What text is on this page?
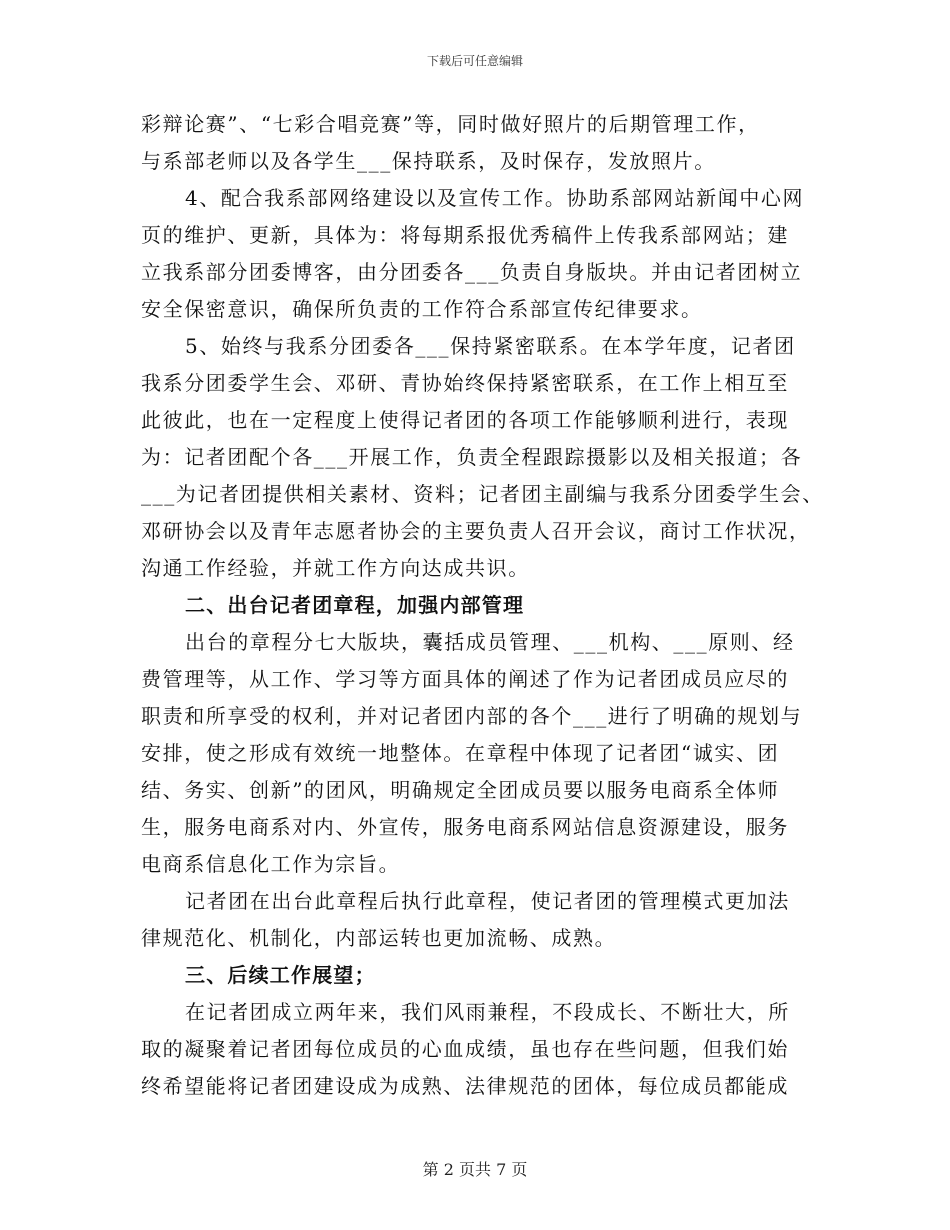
下载后可任意编辑
彩辩论赛”、“七彩合唱竞赛”等，同时做好照片的后期管理工作，
与系部老师以及各学生___保持联系，及时保存，发放照片。
4、配合我系部网络建设以及宣传工作。协助系部网站新闻中心网
页的维护、更新，具体为：将每期系报优秀稿件上传我系部网站；建
立我系部分团委博客，由分团委各___负责自身版块。并由记者团树立
安全保密意识，确保所负责的工作符合系部宣传纪律要求。
5、始终与我系分团委各___保持紧密联系。在本学年度，记者团
我系分团委学生会、邓研、青协始终保持紧密联系，在工作上相互至
此彼此，也在一定程度上使得记者团的各项工作能够顺利进行，表现
为：记者团配个各___开展工作，负责全程跟踪摄影以及相关报道；各
___为记者团提供相关素材、资料；记者团主副编与我系分团委学生会、
邓研协会以及青年志愿者协会的主要负责人召开会议，商讨工作状况，
沟通工作经验，并就工作方向达成共识。
二、出台记者团章程，加强内部管理
出台的章程分七大版块，囊括成员管理、___机构、___原则、经
费管理等，从工作、学习等方面具体的阐述了作为记者团成员应尽的
职责和所享受的权利，并对记者团内部的各个___进行了明确的规划与
安排，使之形成有效统一地整体。在章程中体现了记者团“诚实、团
结、务实、创新”的团风，明确规定全团成员要以服务电商系全体师
生，服务电商系对内、外宣传，服务电商系网站信息资源建设，服务
电商系信息化工作为宗旨。
记者团在出台此章程后执行此章程，使记者团的管理模式更加法
律规范化、机制化，内部运转也更加流畅、成熟。
三、后续工作展望；
在记者团成立两年来，我们风雨兼程，不段成长、不断壮大，所
取的凝聚着记者团每位成员的心血成绩，虽也存在些问题，但我们始
终希望能将记者团建设成为成熟、法律规范的团体，每位成员都能成
第 2 页共 7 页
